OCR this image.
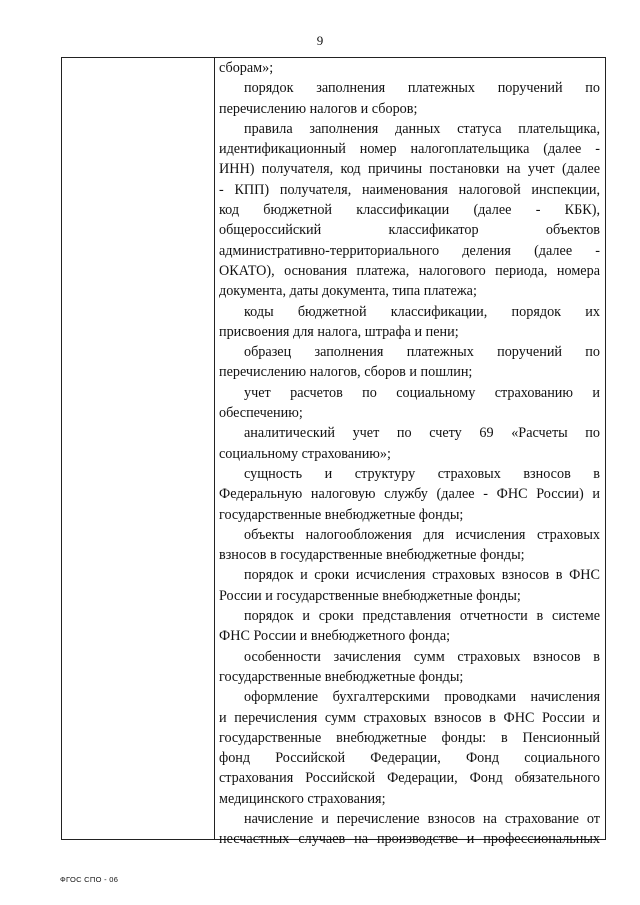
9
сборам»;
порядок заполнения платежных поручений по
перечислению налогов и сборов;
правила заполнения данных статуса плательщика,
идентификационный номер налогоплательщика (далее -
ИНН) получателя, код причины постановки на учет (далее
- КПП) получателя, наименования налоговой инспекции,
код бюджетной классификации (далее - КБК),
общероссийский классификатор объектов
административно-территориального деления (далее -
ОКАТО), основания платежа, налогового периода, номера
документа, даты документа, типа платежа;
коды бюджетной классификации, порядок их
присвоения для налога, штрафа и пени;
образец заполнения платежных поручений по
перечислению налогов, сборов и пошлин;
учет расчетов по социальному страхованию и
обеспечению;
аналитический учет по счету 69 «Расчеты по
социальному страхованию»;
сущность и структуру страховых взносов в
Федеральную налоговую службу (далее - ФНС России) и
государственные внебюджетные фонды;
объекты налогообложения для исчисления страховых
взносов в государственные внебюджетные фонды;
порядок и сроки исчисления страховых взносов в ФНС
России и государственные внебюджетные фонды;
порядок и сроки представления отчетности в системе
ФНС России и внебюджетного фонда;
особенности зачисления сумм страховых взносов в
государственные внебюджетные фонды;
оформление бухгалтерскими проводками начисления
и перечисления сумм страховых взносов в ФНС России и
государственные внебюджетные фонды: в Пенсионный
фонд Российской Федерации, Фонд социального
страхования Российской Федерации, Фонд обязательного
медицинского страхования;
начисление и перечисление взносов на страхование от
несчастных случаев на производстве и профессиональных
ФГОС СПО - 06
